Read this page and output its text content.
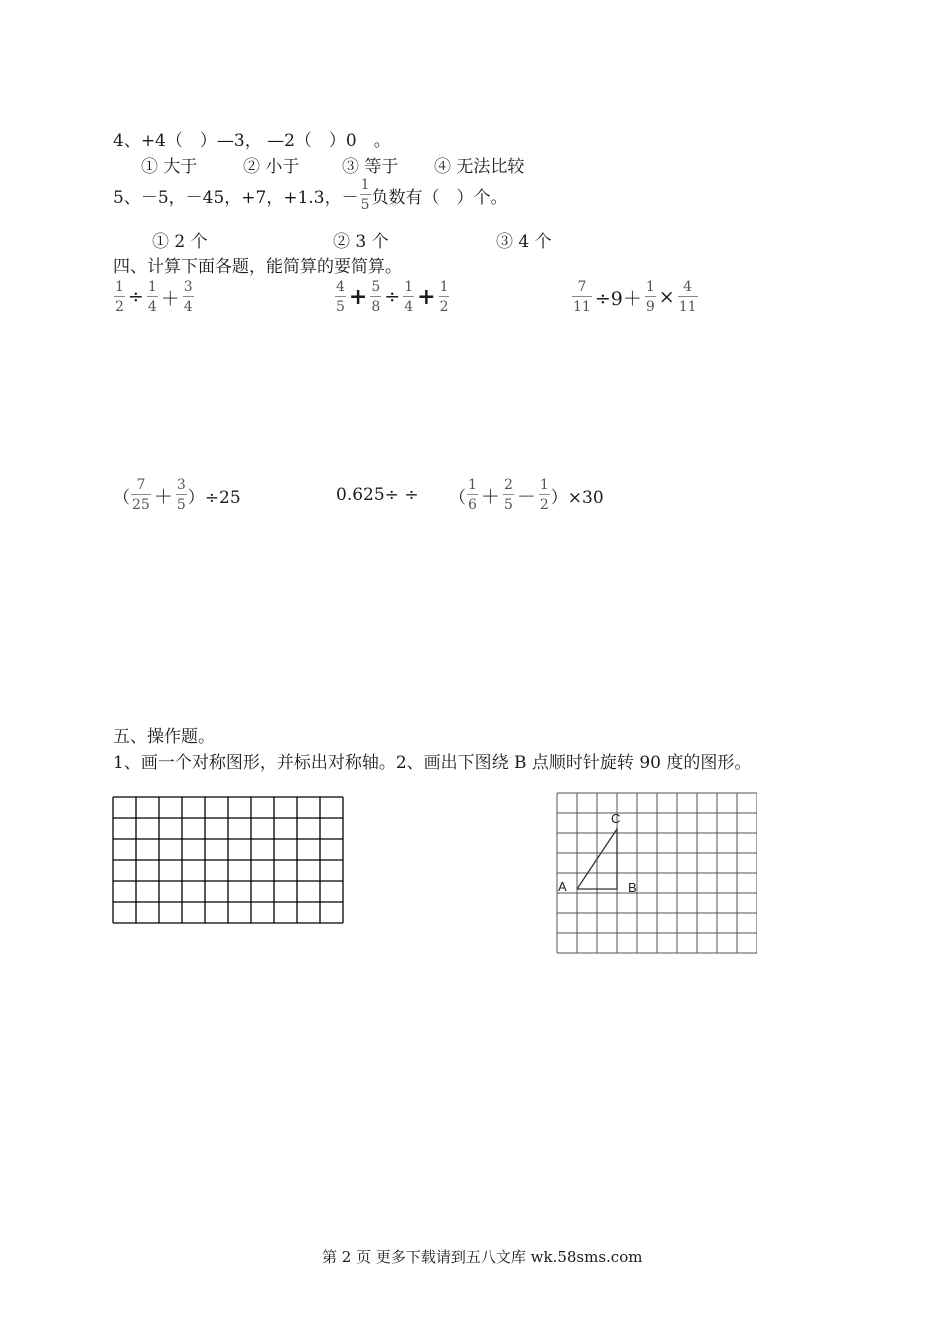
4、+4（　）—3， —2（　）0　。
① 大于	② 小于	③ 等于 ④ 无法比较
5、－5，－45，+7，+1.3，－ $\frac{1}{5}$ 负数有（　）个。
① 2 个	② 3 个	③ 4 个
四、计算下面各题，能简算的要简算。
$\frac{1}{2} \div \frac{1}{4} + \frac{3}{4}$	$\frac{4}{5} + \frac{5}{8} \div \frac{1}{4} + \frac{1}{2}$	$\frac{7}{11} \div 9+ \frac{1}{9} \times \frac{4}{11}$
（ $\frac{7}{25} + \frac{3}{5} )\div 25$	0.625÷ ÷ （ $\frac{1}{6} + \frac{2}{5} - \frac{1}{2} )\times 30$
五、操作题。
1、画一个对称图形，并标出对称轴。2、画出下图绕 B 点顺时针旋转 90 度的图形。
A	B
C
第 2 页 更多下载请到五八文库 wk.58sms.com
